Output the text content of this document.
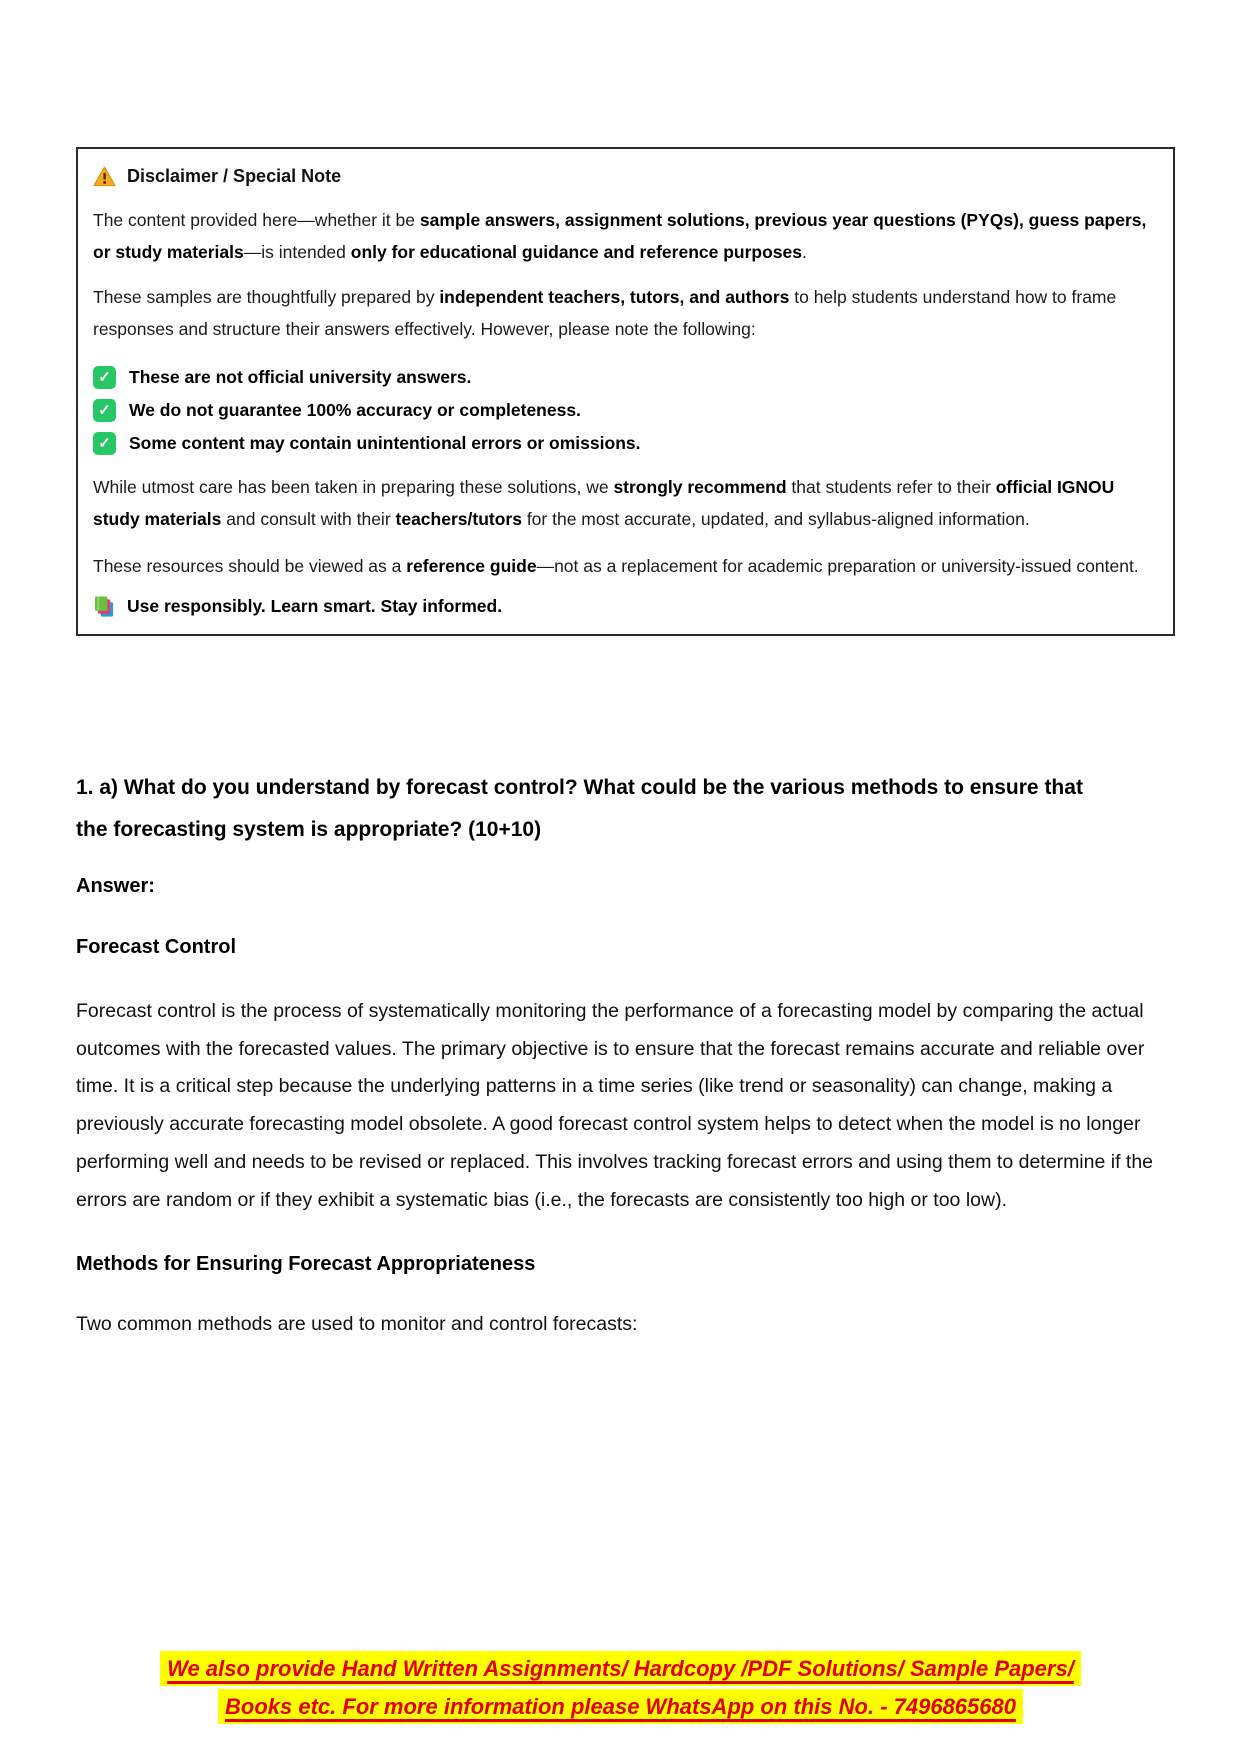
Disclaimer / Special Note

The content provided here—whether it be sample answers, assignment solutions, previous year questions (PYQs), guess papers, or study materials—is intended only for educational guidance and reference purposes.

These samples are thoughtfully prepared by independent teachers, tutors, and authors to help students understand how to frame responses and structure their answers effectively. However, please note the following:

✓ These are not official university answers.
✓ We do not guarantee 100% accuracy or completeness.
✓ Some content may contain unintentional errors or omissions.

While utmost care has been taken in preparing these solutions, we strongly recommend that students refer to their official IGNOU study materials and consult with their teachers/tutors for the most accurate, updated, and syllabus-aligned information.

These resources should be viewed as a reference guide—not as a replacement for academic preparation or university-issued content.

Use responsibly. Learn smart. Stay informed.
1. a) What do you understand by forecast control? What could be the various methods to ensure that the forecasting system is appropriate? (10+10)
Answer:
Forecast Control

Forecast control is the process of systematically monitoring the performance of a forecasting model by comparing the actual outcomes with the forecasted values. The primary objective is to ensure that the forecast remains accurate and reliable over time. It is a critical step because the underlying patterns in a time series (like trend or seasonality) can change, making a previously accurate forecasting model obsolete. A good forecast control system helps to detect when the model is no longer performing well and needs to be revised or replaced. This involves tracking forecast errors and using them to determine if the errors are random or if they exhibit a systematic bias (i.e., the forecasts are consistently too high or too low).

Methods for Ensuring Forecast Appropriateness

Two common methods are used to monitor and control forecasts:

We also provide Hand Written Assignments/ Hardcopy /PDF Solutions/ Sample Papers/
Books etc. For more information please WhatsApp on this No. - 7496865680
